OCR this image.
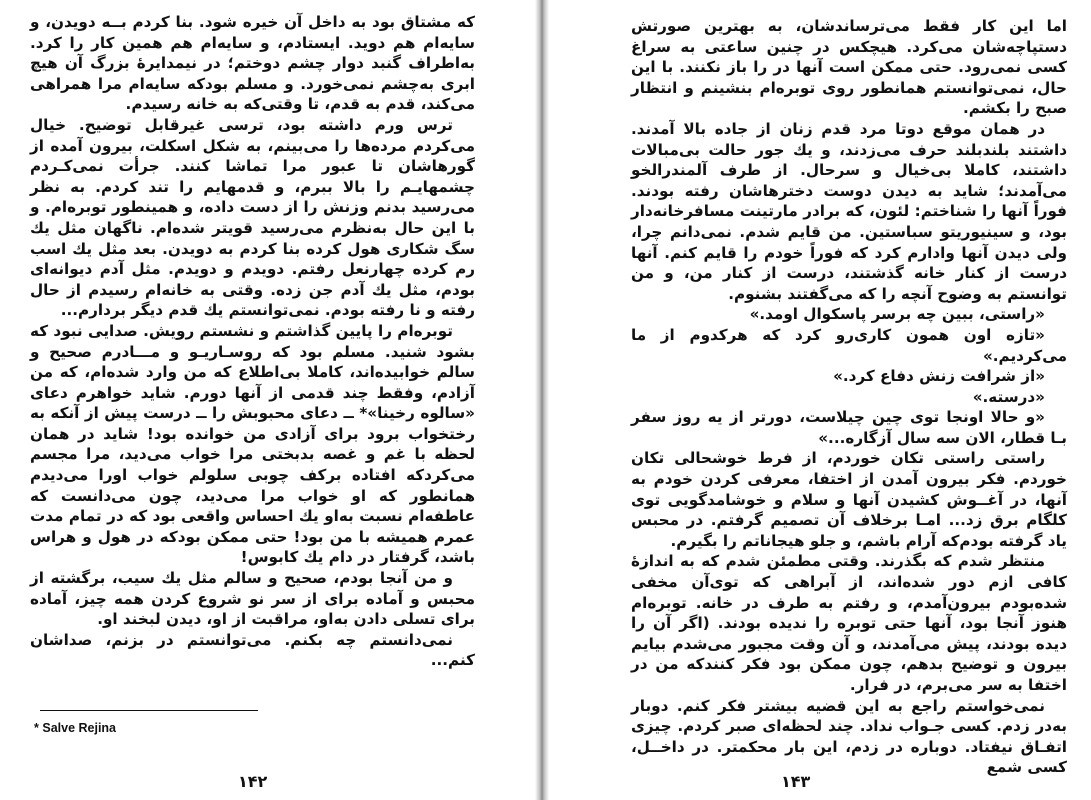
که مشتاق بود به داخل آن خیره شود. بنا کردم بــه دویدن، و سایه‌ام هم دوید. ایستادم، و سایه‌ام هم همین کار را کرد. به‌اطراف گنبد دوار چشم دوختم؛ در نیمدایرهٔ بزرگ آن هیچ ابری به‌چشم نمی‌خورد. و مسلم بودکه سایه‌ام مرا همراهی می‌کند، قدم به قدم، تا وقتی‌که به خانه رسیدم.

ترس ورم داشته بود، ترسی غیرقابل توضیح. خیال می‌کردم مرده‌ها را می‌بینم، به شکل اسکلت، بیرون آمده از گورهاشان تا عبور مرا تماشا کنند. جرأت نمی‌کـردم چشمهایـم را بالا ببرم، و قدمهایم را تند کردم. به نظر می‌رسید بدنم وزنش را از دست داده، و همینطور توبره‌ام. و با این حال به‌نظرم می‌رسید قویتر شده‌ام. ناگهان مثل یك سگ شکاری هول کرده بنا کردم به دویدن. بعد مثل یك اسب رم کرده چهارنعل رفتم. دویدم و دویدم. مثل آدم دیوانه‌ای بودم، مثل یك آدم جن زده. وقتی به خانه‌ام رسیدم از حال رفته و نا رفته بودم. نمی‌توانستم یك قدم دیگر بردارم...

توبره‌ام را پایین گذاشتم و نشستم رویش. صدایی نبود که بشود شنید. مسلم بود که روسـاریـو و مـــادرم صحیح و سالم خوابیده‌اند، کاملا بی‌اطلاع که من وارد شده‌ام، که من آزادم، وفقط چند قدمی از آنها دورم. شاید خواهرم دعای «سالوه رخینا»* ــ دعای محبوبش را ــ درست پیش از آنکه به رختخواب برود برای آزادی من خوانده بود! شاید در همان لحظه با غم و غصه بدبختی مرا خواب می‌دید، مرا مجسم می‌کردکه افتاده برکف چوبی سلولم خواب اورا می‌دیدم همانطور که او خواب مرا می‌دید، چون می‌دانست که عاطفه‌ام نسبت به‌او یك احساس واقعی بود که در تمام مدت عمرم همیشه با من بود! حتی ممکن بودکه در هول و هراس باشد، گرفتار در دام یك کابوس!

و من آنجا بودم، صحیح و سالم مثل یك سیب، برگشته از محبس و آماده برای از سر نو شروع کردن همه چیز، آماده برای تسلی دادن به‌او، مراقبت از او، دیدن لبخند او.

نمی‌دانستم چه بکنم. می‌توانستم در بزنم، صداشان کنم...

* Salve Rejina
۱۴۲

اما این کار فقط می‌ترساندشان، به بهترین صورتش دستپاچه‌شان می‌کرد. هیچکس در چنین ساعتی به سراغ کسی نمی‌رود. حتی ممکن است آنها در را باز نکنند. با این حال، نمی‌توانستم همانطور روی توبره‌ام بنشینم و انتظار صبح را بکشم.

در همان موقع دوتا مرد قدم زنان از جاده بالا آمدند. داشتند بلندبلند حرف می‌زدند، و یك جور حالت بی‌مبالات داشتند، کاملا بی‌خیال و سرحال. از طرف آلمندرالخو می‌آمدند؛ شاید به دیدن دوست دخترهاشان رفته بودند. فوراً آنها را شناختم: لئون، که برادر مارتینت مسافرخانه‌دار بود، و سینیوریتو سباستین. من قایم شدم. نمی‌دانم چرا، ولی دیدن آنها وادارم کرد که فوراً خودم را قایم کنم. آنها درست از کنار خانه گذشتند، درست از کنار من، و من توانستم به وضوح آنچه را که می‌گفتند بشنوم.

«راستی، ببین چه برسر پاسکوال اومد.»

«تازه اون همون کاری‌رو کرد که هرکدوم از ما می‌کردیم.»

«از شرافت زنش دفاع کرد.»

«درسته.»

«و حالا اونجا توی چین چیلاست، دورتر از یه روز سفر بـا قطار، الان سه سال آزگاره...»

راستی راستی تکان خوردم، از فرط خوشحالی تکان خوردم. فکر بیرون آمدن از اختفا، معرفی کردن خودم به آنها، در آغــوش کشیدن آنها و سلام و خوشامدگویی توی کلگام برق زد... امـا برخلاف آن تصمیم گرفتم. در محبس یاد گرفته بودم‌که آرام باشم، و جلو هیجاناتم را بگیرم.

منتظر شدم که بگذرند. وقتی مطمئن شدم که به اندازهٔ کافی ازم دور شده‌اند، از آبراهی که توی‌آن مخفی شده‌بودم بیرون‌آمدم، و رفتم به طرف در خانه. توبره‌ام هنوز آنجا بود، آنها حتی توبره را ندیده بودند. (اگر آن را دیده بودند، پیش می‌آمدند، و آن وقت مجبور می‌شدم بیایم بیرون و توضیح بدهم، چون ممکن بود فکر کنندکه من در اختفا به سر می‌برم، در فرار.

نمی‌خواستم راجع به این قضیه بیشتر فکر کنم. دوبار به‌در زدم. کسی جـواب نداد. چند لحظه‌ای صبر کردم. چیزی اتفـاق نیفتاد. دوباره در زدم، این بار محکمتر. در داخــل، کسی شمع

۱۴۳
